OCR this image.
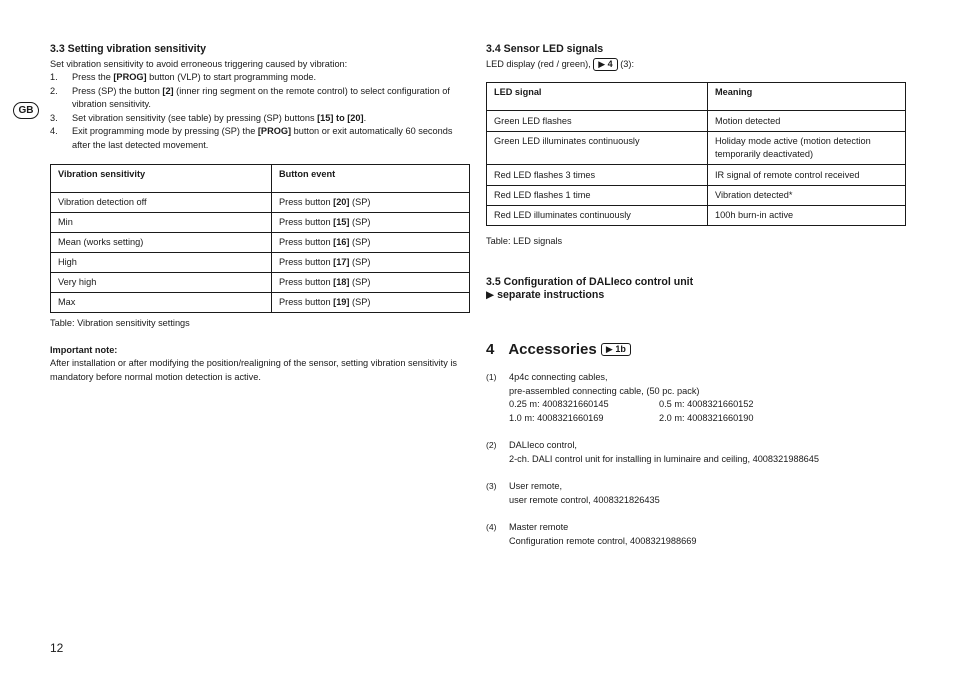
GB
3.3 Setting vibration sensitivity
Set vibration sensitivity to avoid erroneous triggering caused by vibration:
1. Press the [PROG] button (VLP) to start programming mode.
2. Press (SP) the button [2] (inner ring segment on the remote control) to select configuration of vibration sensitivity.
3. Set vibration sensitivity (see table) by pressing (SP) buttons [15] to [20].
4. Exit programming mode by pressing (SP) the [PROG] button or exit automatically 60 seconds after the last detected movement.
Vibration sensitivity	Button event
Vibration detection off	Press button [20] (SP)
Min	Press button [15] (SP)
Mean (works setting)	Press button [16] (SP)
High	Press button [17] (SP)
Very high	Press button [18] (SP)
Max	Press button [19] (SP)
Table: Vibration sensitivity settings
Important note:
After installation or after modifying the position/realigning of the sensor, setting vibration sensitivity is mandatory before normal motion detection is active.
12
3.4 Sensor LED signals
LED display (red / green), ▶ 4 (3):
LED signal	Meaning
Green LED flashes	Motion detected
Green LED illuminates continuously	Holiday mode active (motion detection temporarily deactivated)
Red LED flashes 3 times	IR signal of remote control received
Red LED flashes 1 time	Vibration detected*
Red LED illuminates continuously	100h burn-in active
Table: LED signals
3.5 Configuration of DALIeco control unit
▶ separate instructions
4 Accessories ▶ 1b
(1) 4p4c connecting cables,
pre-assembled connecting cable, (50 pc. pack)
0.25 m: 4008321660145	0.5 m: 4008321660152
1.0 m: 4008321660169	2.0 m: 4008321660190
(2) DALIeco control,
2-ch. DALI control unit for installing in luminaire and ceiling, 4008321988645
(3) User remote,
user remote control, 4008321826435
(4) Master remote
Configuration remote control, 4008321988669
